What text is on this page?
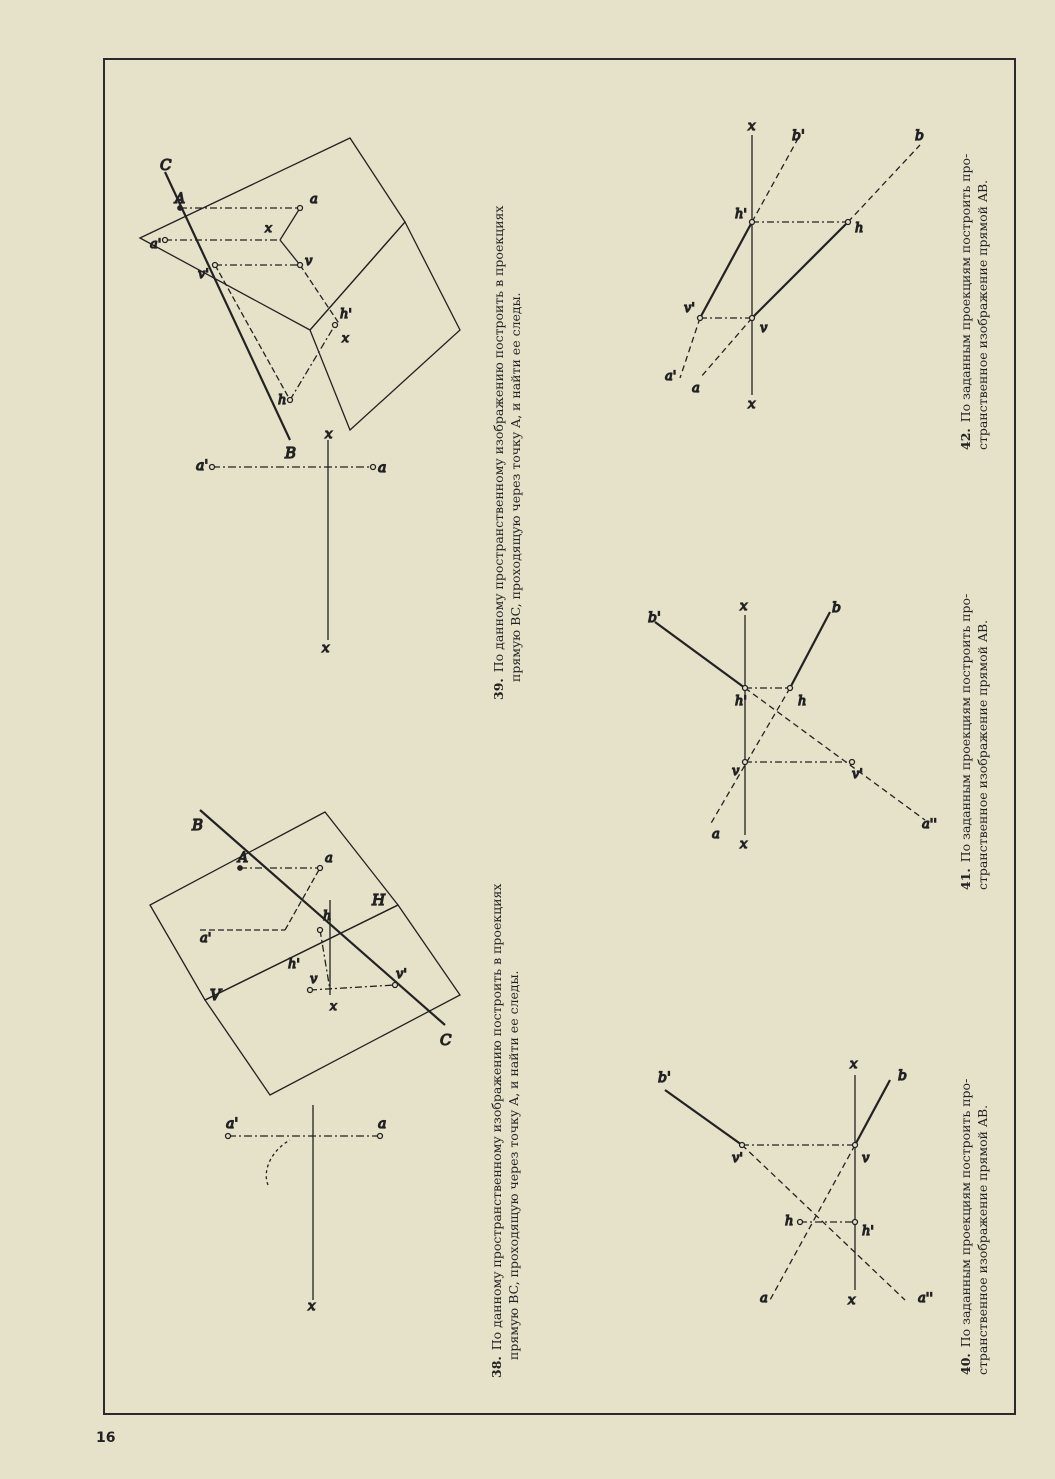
a'	a
x
B
C
A	a
V
H
a'
h
h'
v	v'
x
a'	a
x
x
C
B
A	a
a'
v'
v
x
h'
x
h
b'	b
x
x
v'	v
h
h'
a	a''
b'
b
x
x
h'	h
v	v'
a
a''
b'	b
x
x
h'
h
v'
v
a'
a
38.По данному пространственному изображению построить в проекциях прямую BC, проходящую через точку A, и найти ее следы.
39.По данному пространственному изображению построить в проекциях прямую BC, проходящую через точку A, и найти ее следы.
40.По заданным проекциям построить про- странственное изображение прямой AB.
41.По заданным проекциям построить про- странственное изображение прямой AB.
42.По заданным проекциям построить про- странственное изображение прямой AB.
16
